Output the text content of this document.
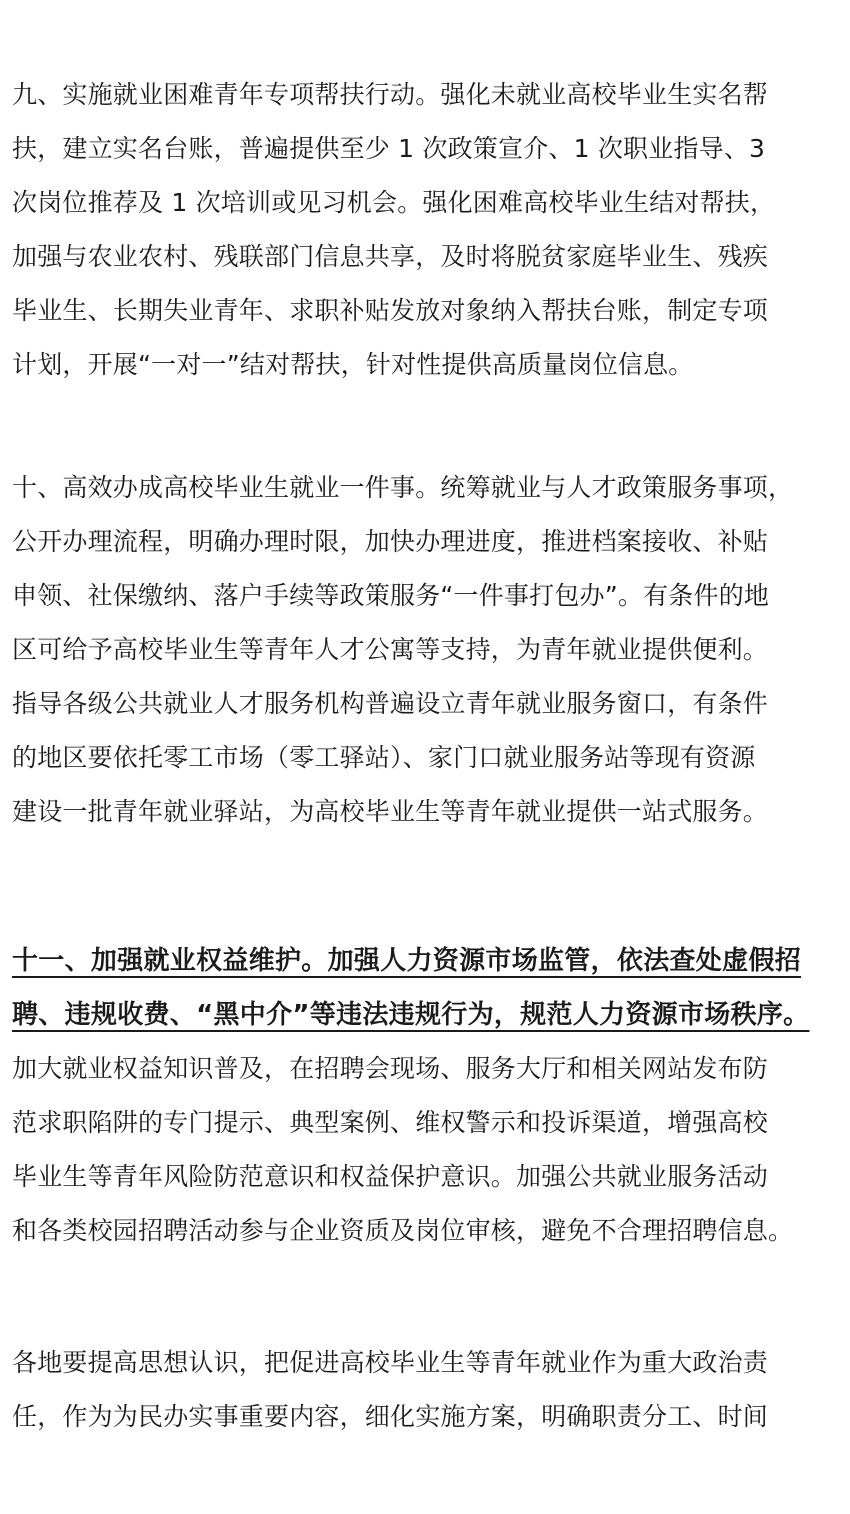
九、实施就业困难青年专项帮扶行动。强化未就业高校毕业生实名帮
扶，建立实名台账，普遍提供至少 1 次政策宣介、1 次职业指导、3
次岗位推荐及 1 次培训或见习机会。强化困难高校毕业生结对帮扶，
加强与农业农村、残联部门信息共享，及时将脱贫家庭毕业生、残疾
毕业生、长期失业青年、求职补贴发放对象纳入帮扶台账，制定专项
计划，开展“一对一”结对帮扶，针对性提供高质量岗位信息。
十、高效办成高校毕业生就业一件事。统筹就业与人才政策服务事项，
公开办理流程，明确办理时限，加快办理进度，推进档案接收、补贴
申领、社保缴纳、落户手续等政策服务“一件事打包办”。有条件的地
区可给予高校毕业生等青年人才公寓等支持，为青年就业提供便利。
指导各级公共就业人才服务机构普遍设立青年就业服务窗口，有条件
的地区要依托零工市场（零工驿站）、家门口就业服务站等现有资源
建设一批青年就业驿站，为高校毕业生等青年就业提供一站式服务。
十一、加强就业权益维护。加强人力资源市场监管，依法查处虚假招
聘、违规收费、“黑中介”等违法违规行为，规范人力资源市场秩序。
加大就业权益知识普及，在招聘会现场、服务大厅和相关网站发布防
范求职陷阱的专门提示、典型案例、维权警示和投诉渠道，增强高校
毕业生等青年风险防范意识和权益保护意识。加强公共就业服务活动
和各类校园招聘活动参与企业资质及岗位审核，避免不合理招聘信息。
各地要提高思想认识，把促进高校毕业生等青年就业作为重大政治责
任，作为为民办实事重要内容，细化实施方案，明确职责分工、时间
